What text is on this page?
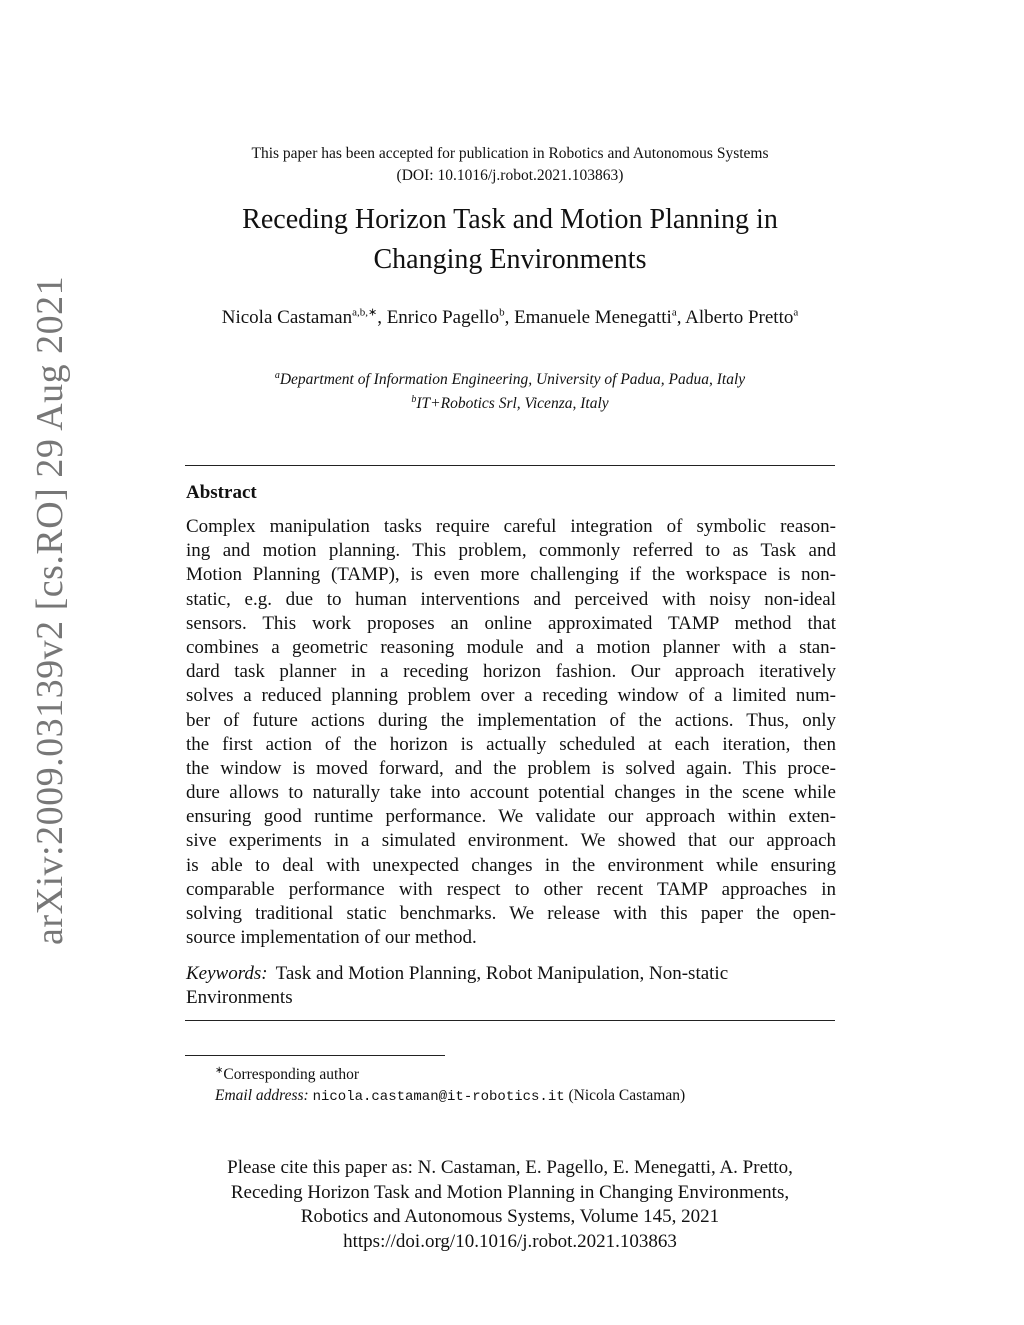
arXiv:2009.03139v2 [cs.RO] 29 Aug 2021
This paper has been accepted for publication in Robotics and Autonomous Systems
(DOI: 10.1016/j.robot.2021.103863)
Receding Horizon Task and Motion Planning in
Changing Environments
Nicola Castaman$^{a,b,∗}$, Enrico Pagello$^b$, Emanuele Menegatti$^a$, Alberto Pretto$^a$
$^a$Department of Information Engineering, University of Padua, Padua, Italy
$^b$IT+Robotics Srl, Vicenza, Italy
Abstract
Complex manipulation tasks require careful integration of symbolic reason-
ing and motion planning. This problem, commonly referred to as Task and
Motion Planning (TAMP), is even more challenging if the workspace is non-
static, e.g. due to human interventions and perceived with noisy non-ideal
sensors. This work proposes an online approximated TAMP method that
combines a geometric reasoning module and a motion planner with a stan-
dard task planner in a receding horizon fashion. Our approach iteratively
solves a reduced planning problem over a receding window of a limited num-
ber of future actions during the implementation of the actions. Thus, only
the first action of the horizon is actually scheduled at each iteration, then
the window is moved forward, and the problem is solved again. This proce-
dure allows to naturally take into account potential changes in the scene while
ensuring good runtime performance. We validate our approach within exten-
sive experiments in a simulated environment. We showed that our approach
is able to deal with unexpected changes in the environment while ensuring
comparable performance with respect to other recent TAMP approaches in
solving traditional static benchmarks. We release with this paper the open-
source implementation of our method.
Keywords: Task and Motion Planning, Robot Manipulation, Non-static
Environments
∗Corresponding author
Email address: nicola.castaman@it-robotics.it (Nicola Castaman)
Please cite this paper as: N. Castaman, E. Pagello, E. Menegatti, A. Pretto,
Receding Horizon Task and Motion Planning in Changing Environments,
Robotics and Autonomous Systems, Volume 145, 2021
https://doi.org/10.1016/j.robot.2021.103863
